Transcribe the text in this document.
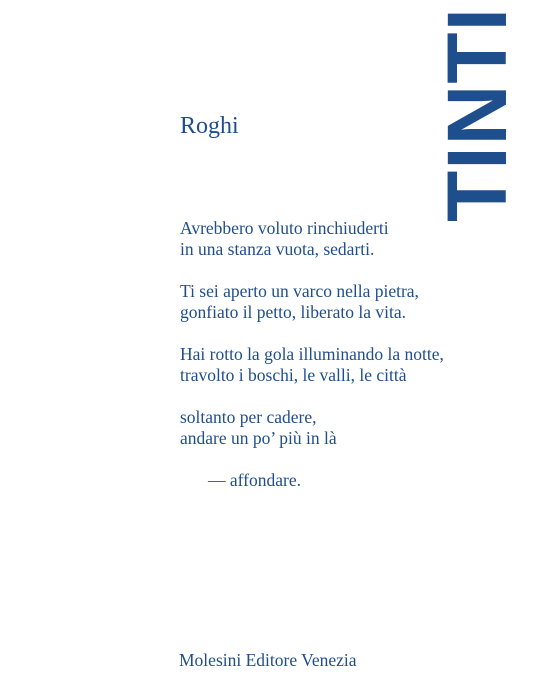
TINTI
Roghi

Avrebbero voluto rinchiuderti
in una stanza vuota, sedarti.

Ti sei aperto un varco nella pietra,
gonfiato il petto, liberato la vita.

Hai rotto la gola illuminando la notte,
travolto i boschi, le valli, le città

soltanto per cadere,
andare un po’ più in là

— affondare.

Molesini Editore Venezia
